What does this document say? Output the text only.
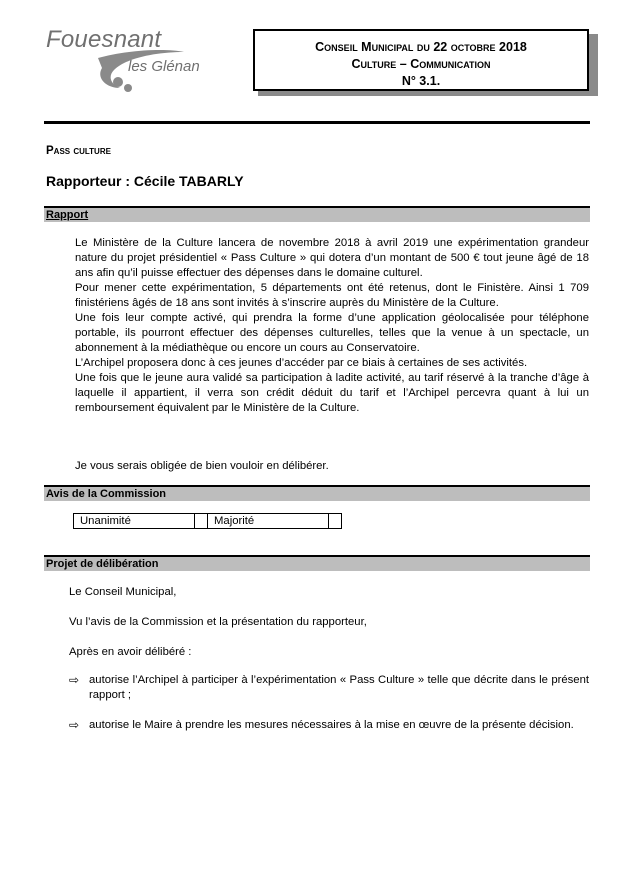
Fouesnant
les Glénan
Conseil Municipal du 22 octobre 2018
Culture – Communication
N° 3.1.
Pass culture
Rapporteur : Cécile TABARLY
Rapport

Le Ministère de la Culture lancera de novembre 2018 à avril 2019 une expérimentation grandeur nature du projet présidentiel « Pass Culture » qui dotera d’un montant de 500 € tout jeune âgé de 18 ans afin qu’il puisse effectuer des dépenses dans le domaine culturel.

Pour mener cette expérimentation, 5 départements ont été retenus, dont le Finistère. Ainsi 1 709 finistériens âgés de 18 ans sont invités à s’inscrire auprès du Ministère de la Culture.

Une fois leur compte activé, qui prendra la forme d’une application géolocalisée pour téléphone portable, ils pourront effectuer des dépenses culturelles, telles que la venue à un spectacle, un abonnement à la médiathèque ou encore un cours au Conservatoire.

L’Archipel proposera donc à ces jeunes d’accéder par ce biais à certaines de ses activités.

Une fois que le jeune aura validé sa participation à ladite activité, au tarif réservé à la tranche d’âge à laquelle il appartient, il verra son crédit déduit du tarif et l’Archipel percevra quant à lui un remboursement équivalent par le Ministère de la Culture.

Je vous serais obligée de bien vouloir en délibérer.
Avis de la Commission
Unanimité		Majorité	
Projet de délibération
Le Conseil Municipal,
Vu l’avis de la Commission et la présentation du rapporteur,
Après en avoir délibéré :
⇨ autorise l’Archipel à participer à l’expérimentation « Pass Culture » telle que décrite dans le présent rapport ;
⇨ autorise le Maire à prendre les mesures nécessaires à la mise en œuvre de la présente décision.
